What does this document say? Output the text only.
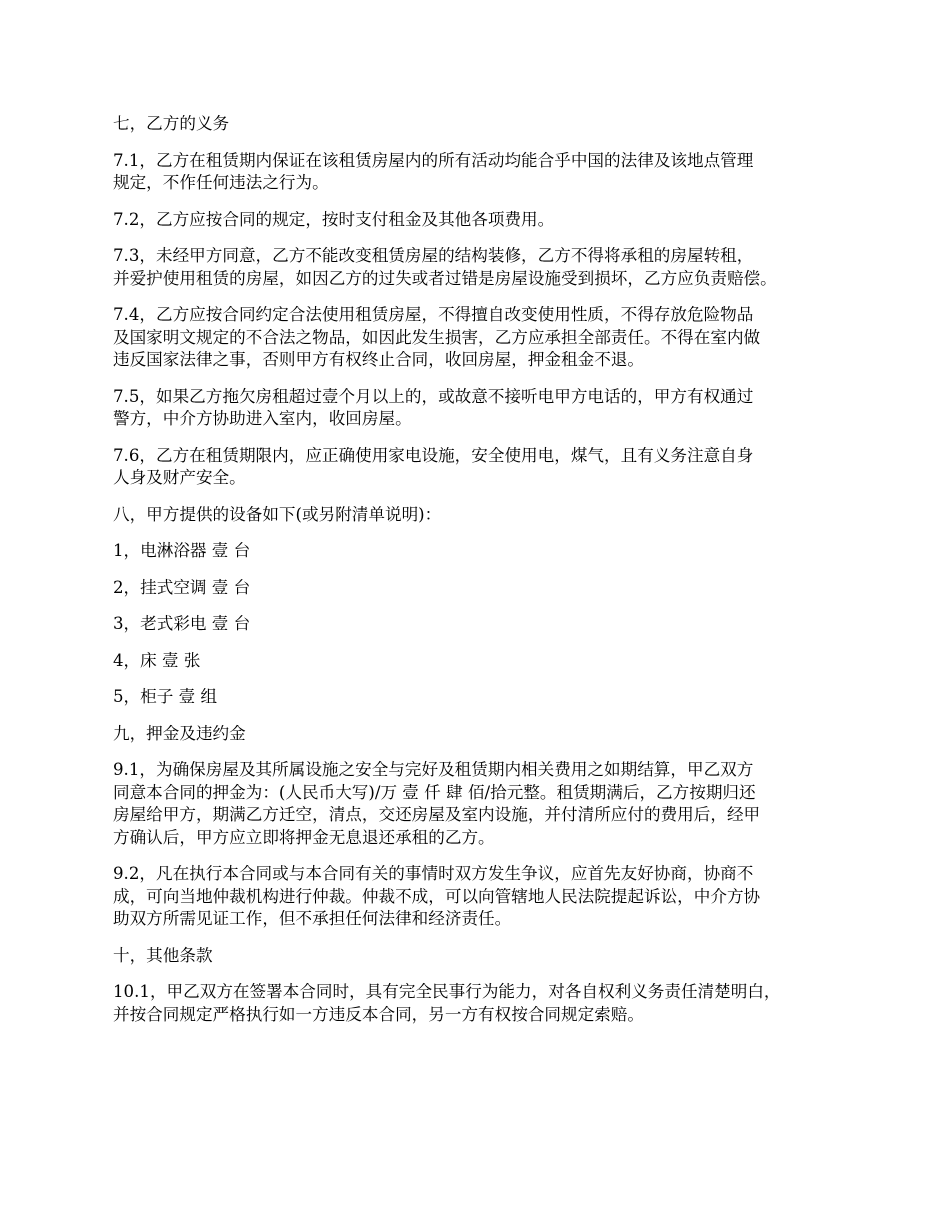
七，乙方的义务

7.1，乙方在租赁期内保证在该租赁房屋内的所有活动均能合乎中国的法律及该地点管理
规定，不作任何违法之行为。

7.2，乙方应按合同的规定，按时支付租金及其他各项费用。

7.3，未经甲方同意，乙方不能改变租赁房屋的结构装修，乙方不得将承租的房屋转租，
并爱护使用租赁的房屋，如因乙方的过失或者过错是房屋设施受到损坏，乙方应负责赔偿。

7.4，乙方应按合同约定合法使用租赁房屋，不得擅自改变使用性质，不得存放危险物品
及国家明文规定的不合法之物品，如因此发生损害，乙方应承担全部责任。不得在室内做
违反国家法律之事，否则甲方有权终止合同，收回房屋，押金租金不退。

7.5，如果乙方拖欠房租超过壹个月以上的，或故意不接听电甲方电话的，甲方有权通过
警方，中介方协助进入室内，收回房屋。

7.6，乙方在租赁期限内，应正确使用家电设施，安全使用电，煤气，且有义务注意自身
人身及财产安全。

八，甲方提供的设备如下(或另附清单说明)：

1，电淋浴器 壹 台

2，挂式空调 壹 台

3，老式彩电 壹 台

4，床 壹 张

5，柜子 壹 组

九，押金及违约金

9.1，为确保房屋及其所属设施之安全与完好及租赁期内相关费用之如期结算，甲乙双方
同意本合同的押金为：(人民币大写)/万 壹 仟 肆 佰/拾元整。租赁期满后，乙方按期归还
房屋给甲方，期满乙方迁空，清点，交还房屋及室内设施，并付清所应付的费用后，经甲
方确认后，甲方应立即将押金无息退还承租的乙方。

9.2，凡在执行本合同或与本合同有关的事情时双方发生争议，应首先友好协商，协商不
成，可向当地仲裁机构进行仲裁。仲裁不成，可以向管辖地人民法院提起诉讼，中介方协
助双方所需见证工作，但不承担任何法律和经济责任。

十，其他条款

10.1，甲乙双方在签署本合同时，具有完全民事行为能力，对各自权利义务责任清楚明白，
并按合同规定严格执行如一方违反本合同，另一方有权按合同规定索赔。
